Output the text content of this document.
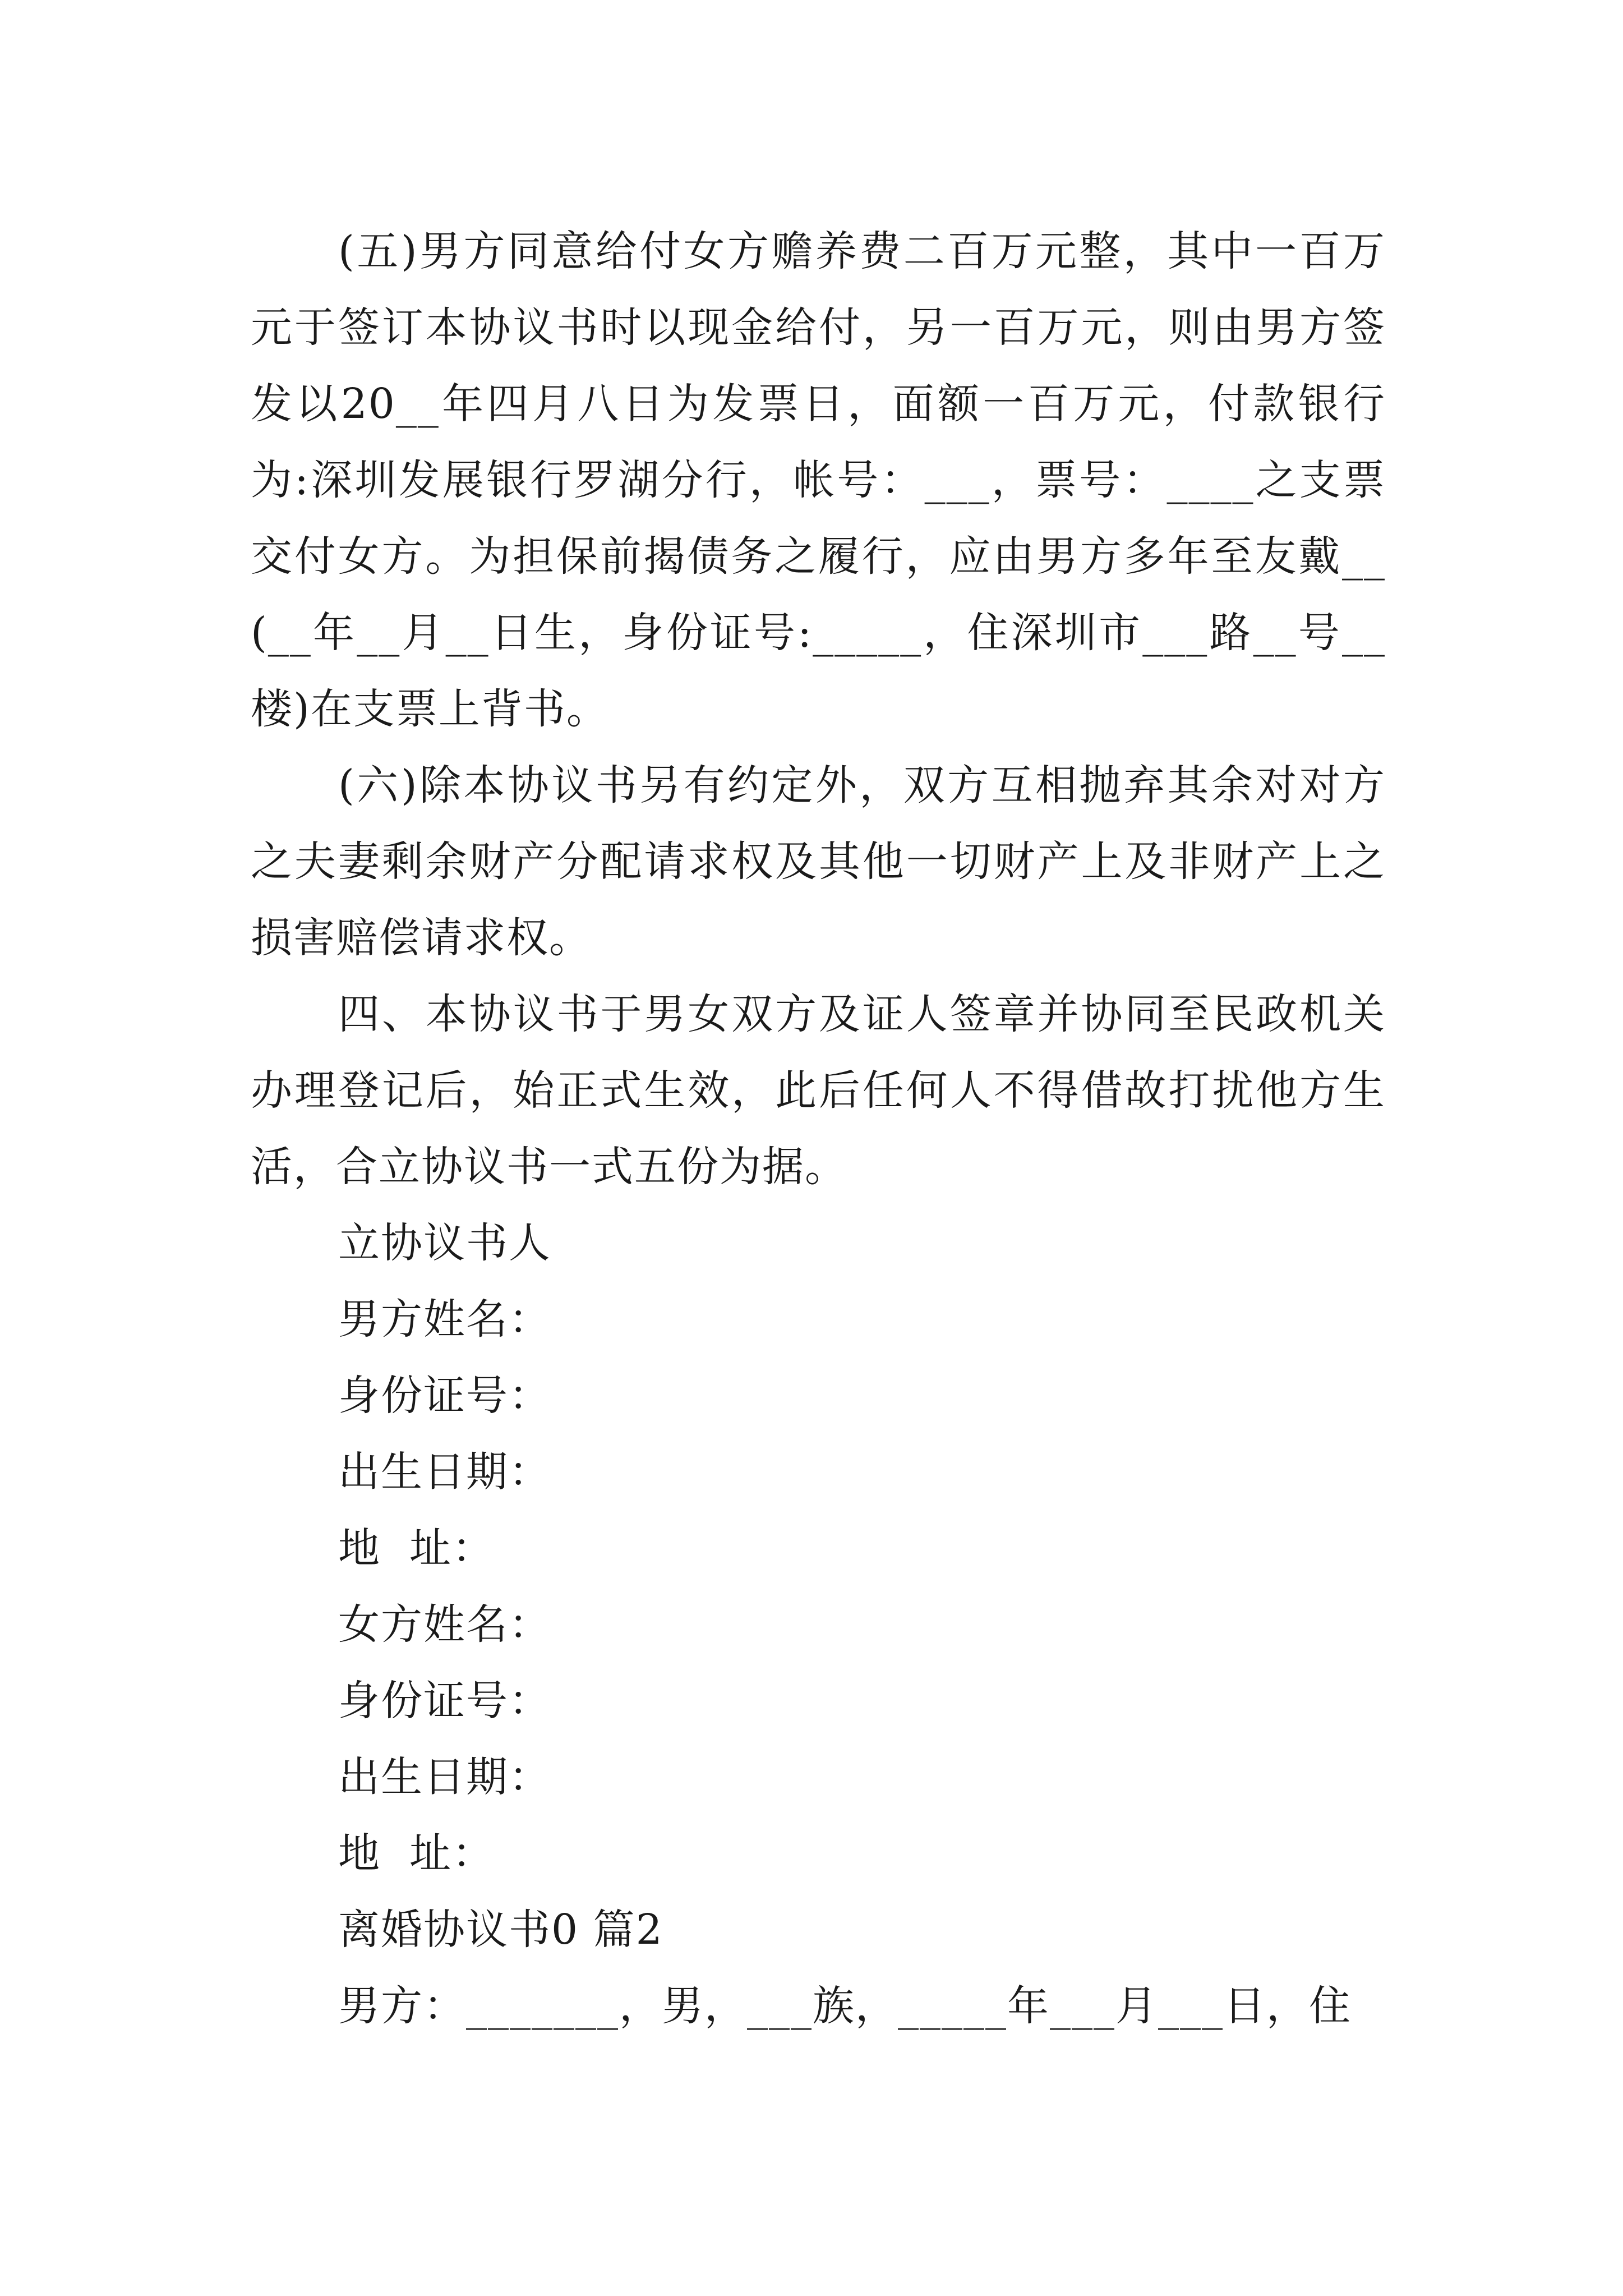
(五)男方同意给付女方赡养费二百万元整，其中一百万元于签订本协议书时以现金给付，另一百万元，则由男方签发以20__年四月八日为发票日，面额一百万元，付款银行为:深圳发展银行罗湖分行，帐号：___，票号：____之支票交付女方。为担保前揭债务之履行，应由男方多年至友戴__(__年__月__日生，身份证号:_____，住深圳市___路__号__楼)在支票上背书。

(六)除本协议书另有约定外，双方互相抛弃其余对对方之夫妻剩余财产分配请求权及其他一切财产上及非财产上之损害赔偿请求权。

四、本协议书于男女双方及证人签章并协同至民政机关办理登记后，始正式生效，此后任何人不得借故打扰他方生活，合立协议书一式五份为据。

立协议书人

男方姓名：

身份证号：

出生日期：

地  址：

女方姓名：

身份证号：

出生日期：

地  址：

离婚协议书0 篇2

男方：_______，男，___族，_____年___月___日，住
